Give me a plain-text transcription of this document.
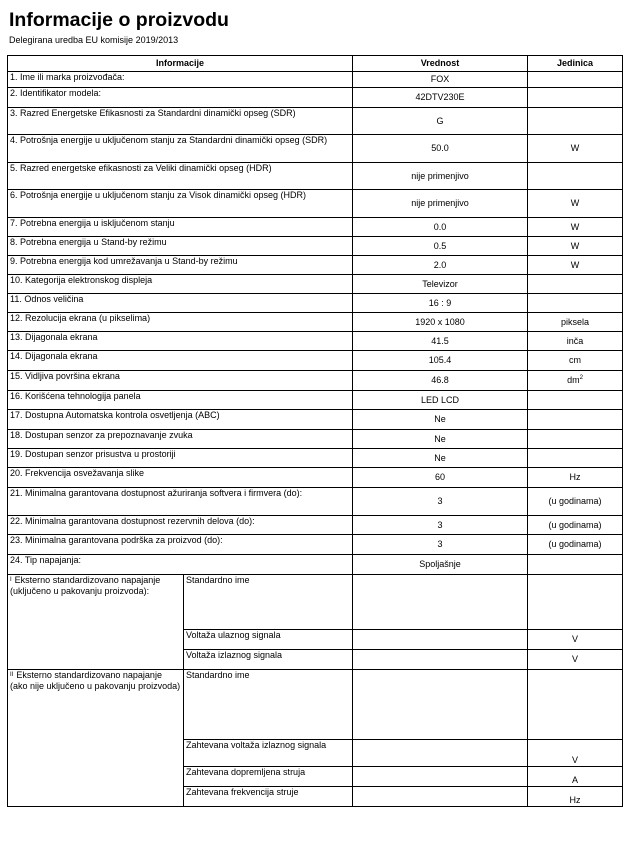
Informacije o proizvodu

Delegirana uredba EU komisije 2019/2013

Informacije		Vrednost	Jedinica
1. Ime ili marka proizvođača:		FOX	
2. Identifikator modela:		42DTV230E	
3. Razred Energetske Efikasnosti za Standardni dinamički opseg (SDR)		G	
4. Potrošnja energije u uključenom stanju za Standardni dinamički opseg (SDR)		50.0	W
5. Razred energetske efikasnosti za Veliki dinamički opseg (HDR)		nije primenjivo	
6. Potrošnja energije u uključenom stanju za Visok dinamički opseg (HDR)		nije primenjivo	W
7. Potrebna energija u isključenom stanju		0.0	W
8. Potrebna energija u Stand-by režimu		0.5	W
9. Potrebna energija kod umrežavanja u Stand-by režimu		2.0	W
10. Kategorija elektronskog displeja		Televizor	
11. Odnos veličina		16 : 9	
12. Rezolucija ekrana (u pikselima)		1920 x 1080	piksela
13. Dijagonala ekrana		41.5	inča
14. Dijagonala ekrana		105.4	cm
15. Vidljiva površina ekrana		46.8	$dm^2$
16. Korišćena tehnologija panela		LED LCD	
17. Dostupna Automatska kontrola osvetljenja (ABC)		Ne	
18. Dostupan senzor za prepoznavanje zvuka		Ne	
19. Dostupan senzor prisustva u prostoriji		Ne	
20. Frekvencija osvežavanja slike		60	Hz
21. Minimalna garantovana dostupnost ažuriranja softvera i firmvera (do):		3	(u godinama)
22. Minimalna garantovana dostupnost rezervnih delova (do):		3	(u godinama)
23. Minimalna garantovana podrška za proizvod (do):		3	(u godinama)
24. Tip napajanja:		Spoljašnje	
$^I$ Eksterno standardizovano napajanje (uključeno u pakovanju proizvoda):	Standardno ime		
	Voltaža ulaznog signala		V
	Voltaža izlaznog signala		V
$^{II}$ Eksterno standardizovano napajanje (ako nije uključeno u pakovanju proizvoda)	Standardno ime		
	Zahtevana voltaža izlaznog signala		V
	Zahtevana dopremljena struja		A
	Zahtevana frekvencija struje		Hz
